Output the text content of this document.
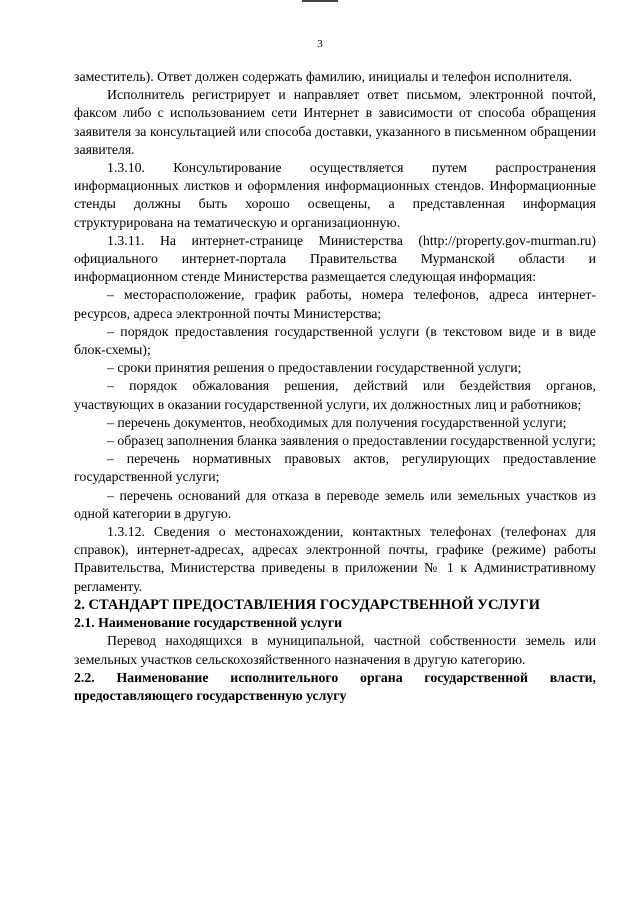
3

заместитель). Ответ должен содержать фамилию, инициалы и телефон исполнителя.

Исполнитель регистрирует и направляет ответ письмом, электронной почтой, факсом либо с использованием сети Интернет в зависимости от способа обращения заявителя за консультацией или способа доставки, указанного в письменном обращении заявителя.

1.3.10. Консультирование осуществляется путем распространения информационных листков и оформления информационных стендов. Информационные стенды должны быть хорошо освещены, а представленная информация структурирована на тематическую и организационную.

1.3.11. На интернет-странице Министерства (http://property.gov-murman.ru) официального интернет-портала Правительства Мурманской области и информационном стенде Министерства размещается следующая информация:

– месторасположение, график работы, номера телефонов, адреса интернет-ресурсов, адреса электронной почты Министерства;

– порядок предоставления государственной услуги (в текстовом виде и в виде блок-схемы);

– сроки принятия решения о предоставлении государственной услуги;

– порядок обжалования решения, действий или бездействия органов, участвующих в оказании государственной услуги, их должностных лиц и работников;

– перечень документов, необходимых для получения государственной услуги;

– образец заполнения бланка заявления о предоставлении государственной услуги;

– перечень нормативных правовых актов, регулирующих предоставление государственной услуги;

– перечень оснований для отказа в переводе земель или земельных участков из одной категории в другую.

1.3.12. Сведения о местонахождении, контактных телефонах (телефонах для справок), интернет-адресах, адресах электронной почты, графике (режиме) работы Правительства, Министерства приведены в приложении № 1 к Административному регламенту.

2. СТАНДАРТ ПРЕДОСТАВЛЕНИЯ ГОСУДАРСТВЕННОЙ УСЛУГИ

2.1. Наименование государственной услуги

Перевод находящихся в муниципальной, частной собственности земель или земельных участков сельскохозяйственного назначения в другую категорию.

2.2. Наименование исполнительного органа государственной власти, предоставляющего государственную услугу
